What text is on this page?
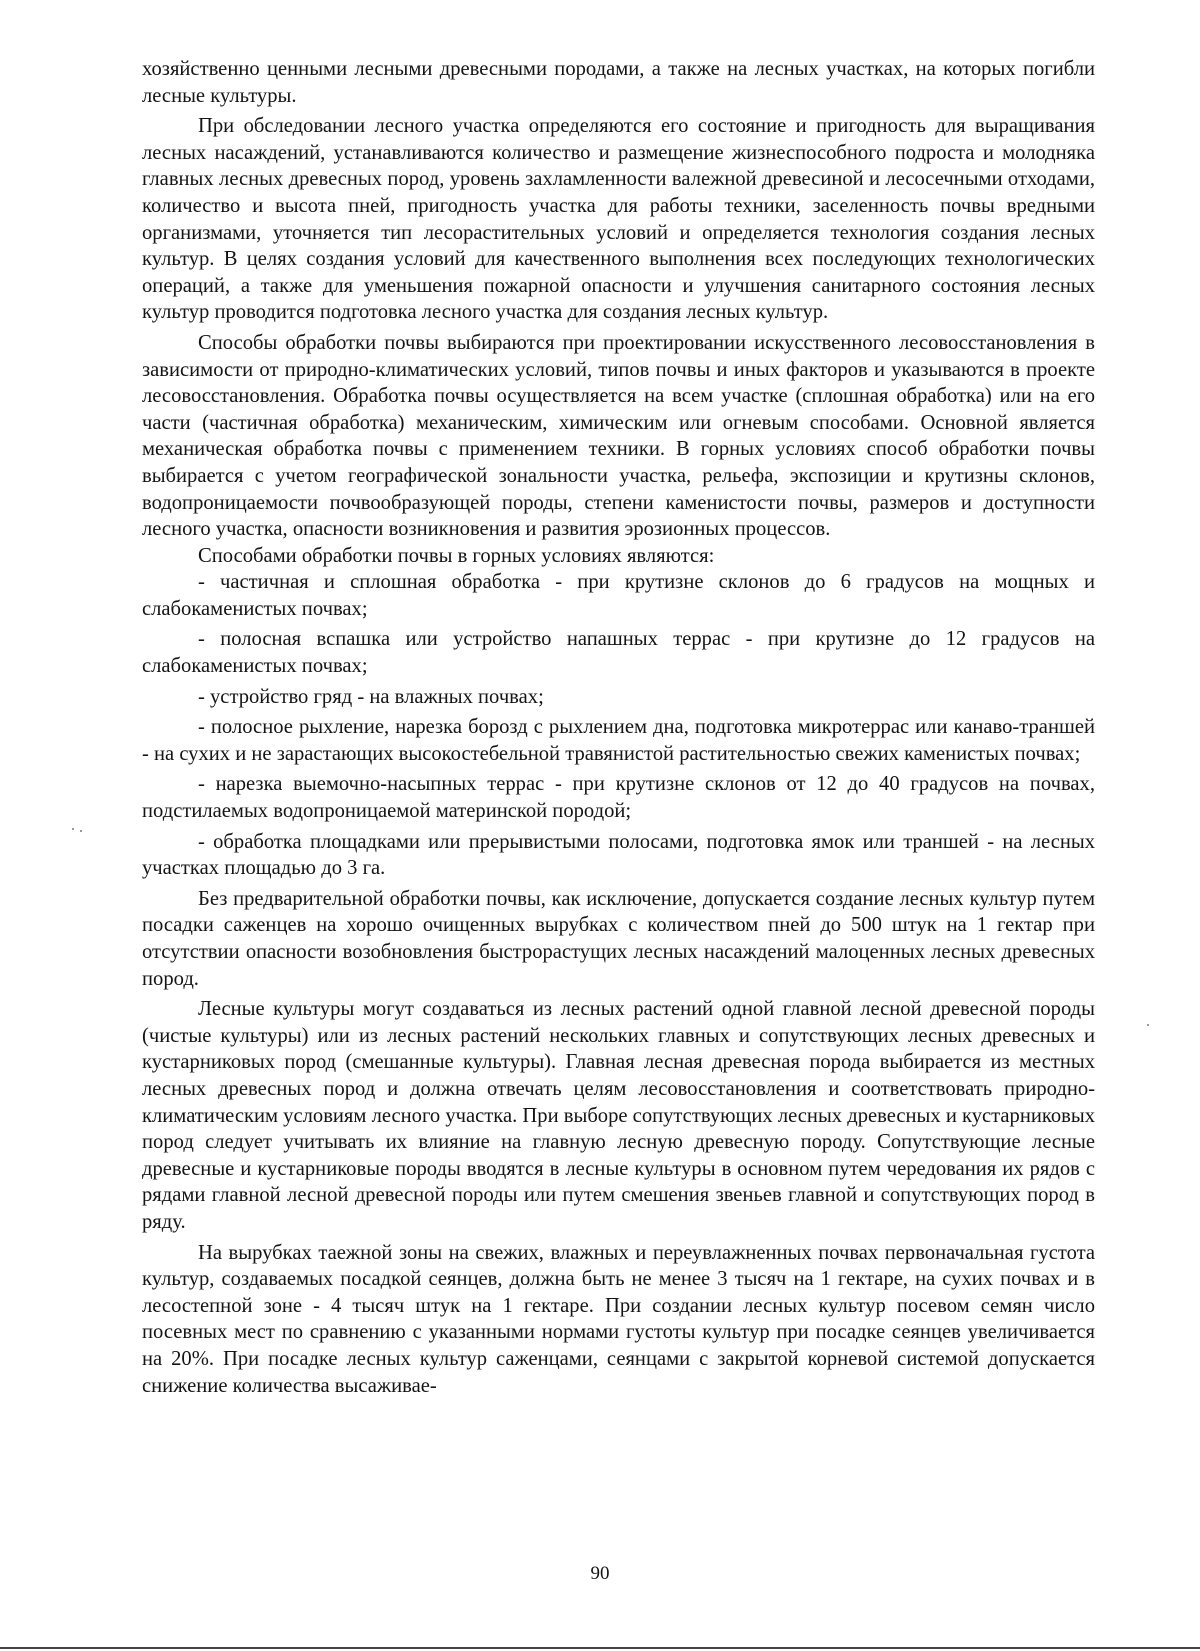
хозяйственно ценными лесными древесными породами, а также на лесных участках, на которых погибли лесные культуры.

При обследовании лесного участка определяются его состояние и пригодность для выращивания лесных насаждений, устанавливаются количество и размещение жизнеспособного подроста и молодняка главных лесных древесных пород, уровень захламленности валежной древесиной и лесосечными отходами, количество и высота пней, пригодность участка для работы техники, заселенность почвы вредными организмами, уточняется тип лесорастительных условий и определяется технология создания лесных культур. В целях создания условий для качественного выполнения всех последующих технологических операций, а также для уменьшения пожарной опасности и улучшения санитарного состояния лесных культур проводится подготовка лесного участка для создания лесных культур.

Способы обработки почвы выбираются при проектировании искусственного лесовосстановления в зависимости от природно-климатических условий, типов почвы и иных факторов и указываются в проекте лесовосстановления. Обработка почвы осуществляется на всем участке (сплошная обработка) или на его части (частичная обработка) механическим, химическим или огневым способами. Основной является механическая обработка почвы с применением техники. В горных условиях способ обработки почвы выбирается с учетом географической зональности участка, рельефа, экспозиции и крутизны склонов, водопроницаемости почвообразующей породы, степени каменистости почвы, размеров и доступности лесного участка, опасности возникновения и развития эрозионных процессов.

Способами обработки почвы в горных условиях являются:

- частичная и сплошная обработка - при крутизне склонов до 6 градусов на мощных и слабокаменистых почвах;

- полосная вспашка или устройство напашных террас - при крутизне до 12 градусов на слабокаменистых почвах;

- устройство гряд - на влажных почвах;

- полосное рыхление, нарезка борозд с рыхлением дна, подготовка микротеррас или канаво-траншей - на сухих и не зарастающих высокостебельной травянистой растительностью свежих каменистых почвах;

- нарезка выемочно-насыпных террас - при крутизне склонов от 12 до 40 градусов на почвах, подстилаемых водопроницаемой материнской породой;

- обработка площадками или прерывистыми полосами, подготовка ямок или траншей - на лесных участках площадью до 3 га.

Без предварительной обработки почвы, как исключение, допускается создание лесных культур путем посадки саженцев на хорошо очищенных вырубках с количеством пней до 500 штук на 1 гектар при отсутствии опасности возобновления быстрорастущих лесных насаждений малоценных лесных древесных пород.

Лесные культуры могут создаваться из лесных растений одной главной лесной древесной породы (чистые культуры) или из лесных растений нескольких главных и сопутствующих лесных древесных и кустарниковых пород (смешанные культуры). Главная лесная древесная порода выбирается из местных лесных древесных пород и должна отвечать целям лесовосстановления и соответствовать природно-климатическим условиям лесного участка. При выборе сопутствующих лесных древесных и кустарниковых пород следует учитывать их влияние на главную лесную древесную породу. Сопутствующие лесные древесные и кустарниковые породы вводятся в лесные культуры в основном путем чередования их рядов с рядами главной лесной древесной породы или путем смешения звеньев главной и сопутствующих пород в ряду.

На вырубках таежной зоны на свежих, влажных и переувлажненных почвах первоначальная густота культур, создаваемых посадкой сеянцев, должна быть не менее 3 тысяч на 1 гектаре, на сухих почвах и в лесостепной зоне - 4 тысяч штук на 1 гектаре. При создании лесных культур посевом семян число посевных мест по сравнению с указанными нормами густоты культур при посадке сеянцев увеличивается на 20%. При посадке лесных культур саженцами, сеянцами с закрытой корневой системой допускается снижение количества высаживае-

90
